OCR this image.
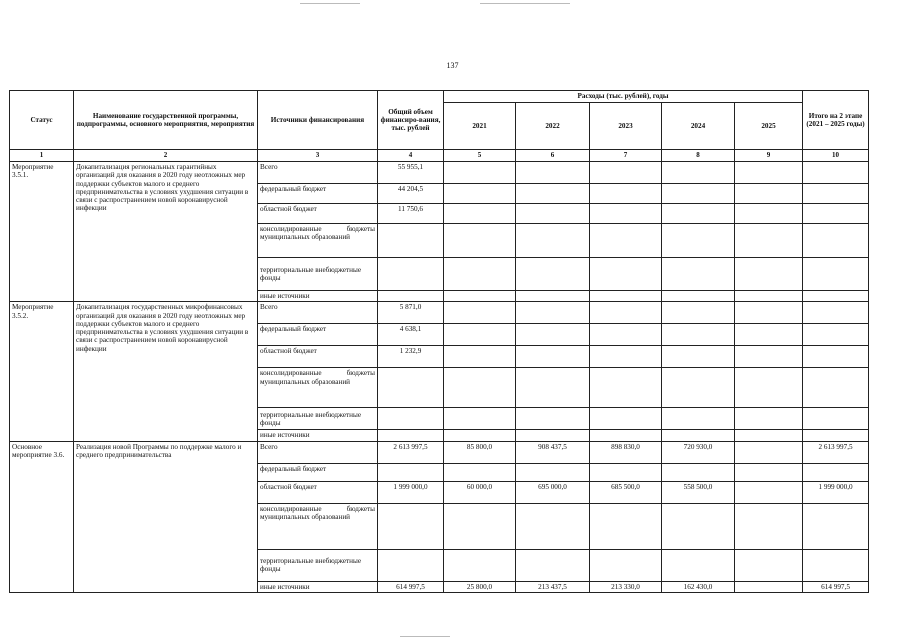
137
Статус	Наименование государственной программы, подпрограммы, основного мероприятия, мероприятия	Источники финансирования	Общий объем финансиро-вания, тыс. рублей	Расходы (тыс. рублей), годы					Итого на 2 этапе (2021 – 2025 годы)
				2021	2022	2023	2024	2025	
1	2	3	4	5	6	7	8	9	10
Мероприятие 3.5.1.	Докапитализация региональных гарантийных организаций для оказания в 2020 году неотложных мер поддержки субъектов малого и среднего предпринимательства в условиях ухудшения ситуации в связи с распространением новой коронавирусной инфекции	Всего	55 955,1						
		федеральный бюджет	44 204,5						
		областной бюджет	11 750,6						
		консолидированные бюджеты муниципальных образований							
		территориальные внебюджетные фонды							
		иные источники							
Мероприятие 3.5.2.	Докапитализация государственных микрофинансовых организаций для оказания в 2020 году неотложных мер поддержки субъектов малого и среднего предпринимательства в условиях ухудшения ситуации в связи с распространением новой коронавирусной инфекции	Всего	5 871,0						
		федеральный бюджет	4 638,1						
		областной бюджет	1 232,9						
		консолидированные бюджеты муниципальных образований							
		территориальные внебюджетные фонды							
		иные источники							
Основное мероприятие 3.6.	Реализация новой Программы по поддержке малого и среднего предпринимательства	Всего	2 613 997,5	85 800,0	908 437,5	898 830,0	720 930,0		2 613 997,5
		федеральный бюджет							
		областной бюджет	1 999 000,0	60 000,0	695 000,0	685 500,0	558 500,0		1 999 000,0
		консолидированные бюджеты муниципальных образований							
		территориальные внебюджетные фонды							
		иные источники	614 997,5	25 800,0	213 437,5	213 330,0	162 430,0		614 997,5
